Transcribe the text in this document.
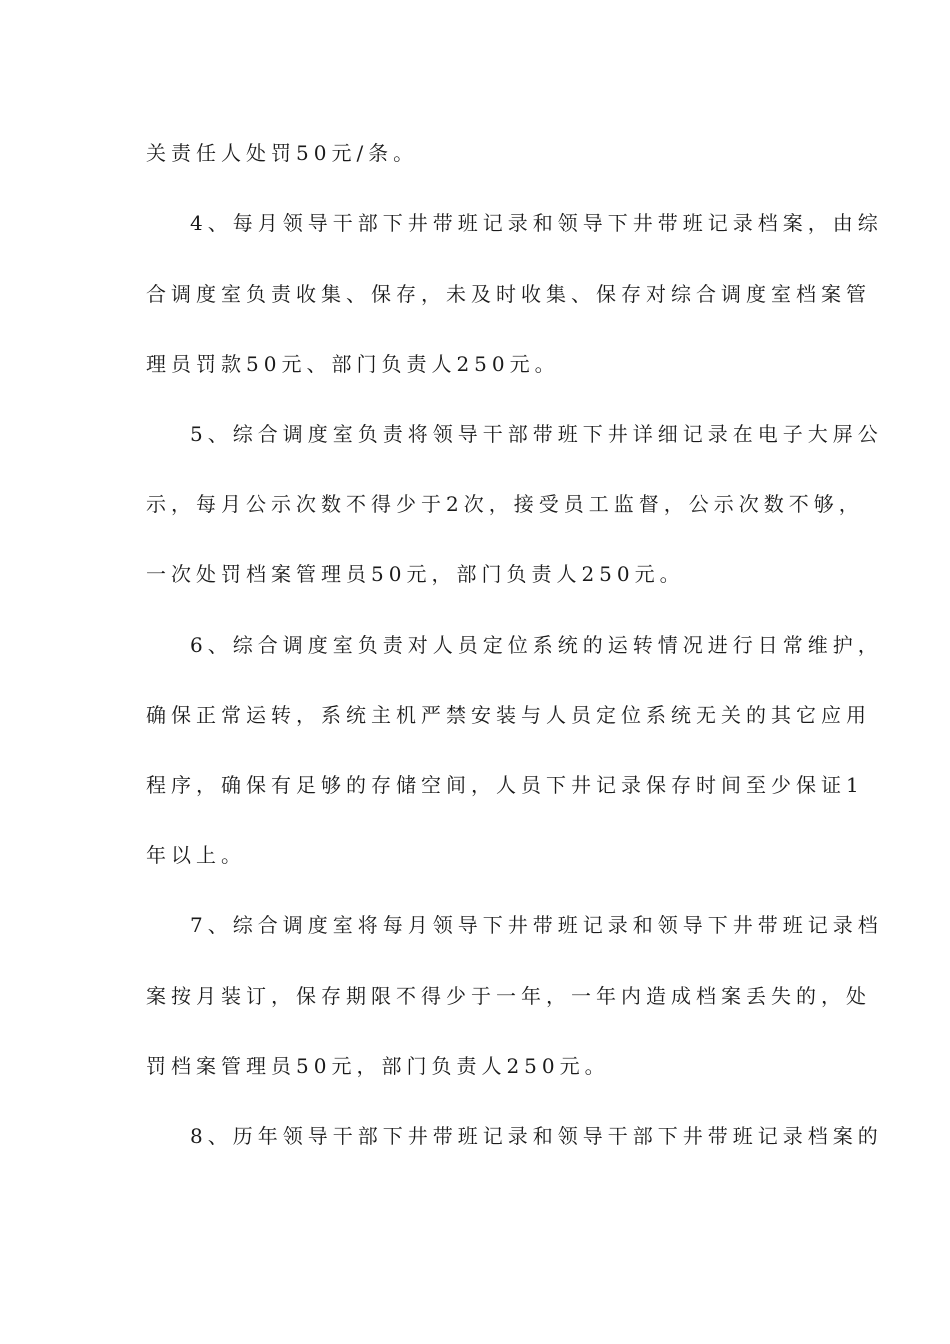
关责任人处罚50元/条。
4、每月领导干部下井带班记录和领导下井带班记录档案，由综
合调度室负责收集、保存，未及时收集、保存对综合调度室档案管
理员罚款50元、部门负责人250元。
5、综合调度室负责将领导干部带班下井详细记录在电子大屏公
示，每月公示次数不得少于2次，接受员工监督，公示次数不够，
一次处罚档案管理员50元，部门负责人250元。
6、综合调度室负责对人员定位系统的运转情况进行日常维护，
确保正常运转，系统主机严禁安装与人员定位系统无关的其它应用
程序，确保有足够的存储空间，人员下井记录保存时间至少保证1
年以上。
7、综合调度室将每月领导下井带班记录和领导下井带班记录档
案按月装订，保存期限不得少于一年，一年内造成档案丢失的，处
罚档案管理员50元，部门负责人250元。
8、历年领导干部下井带班记录和领导干部下井带班记录档案的
